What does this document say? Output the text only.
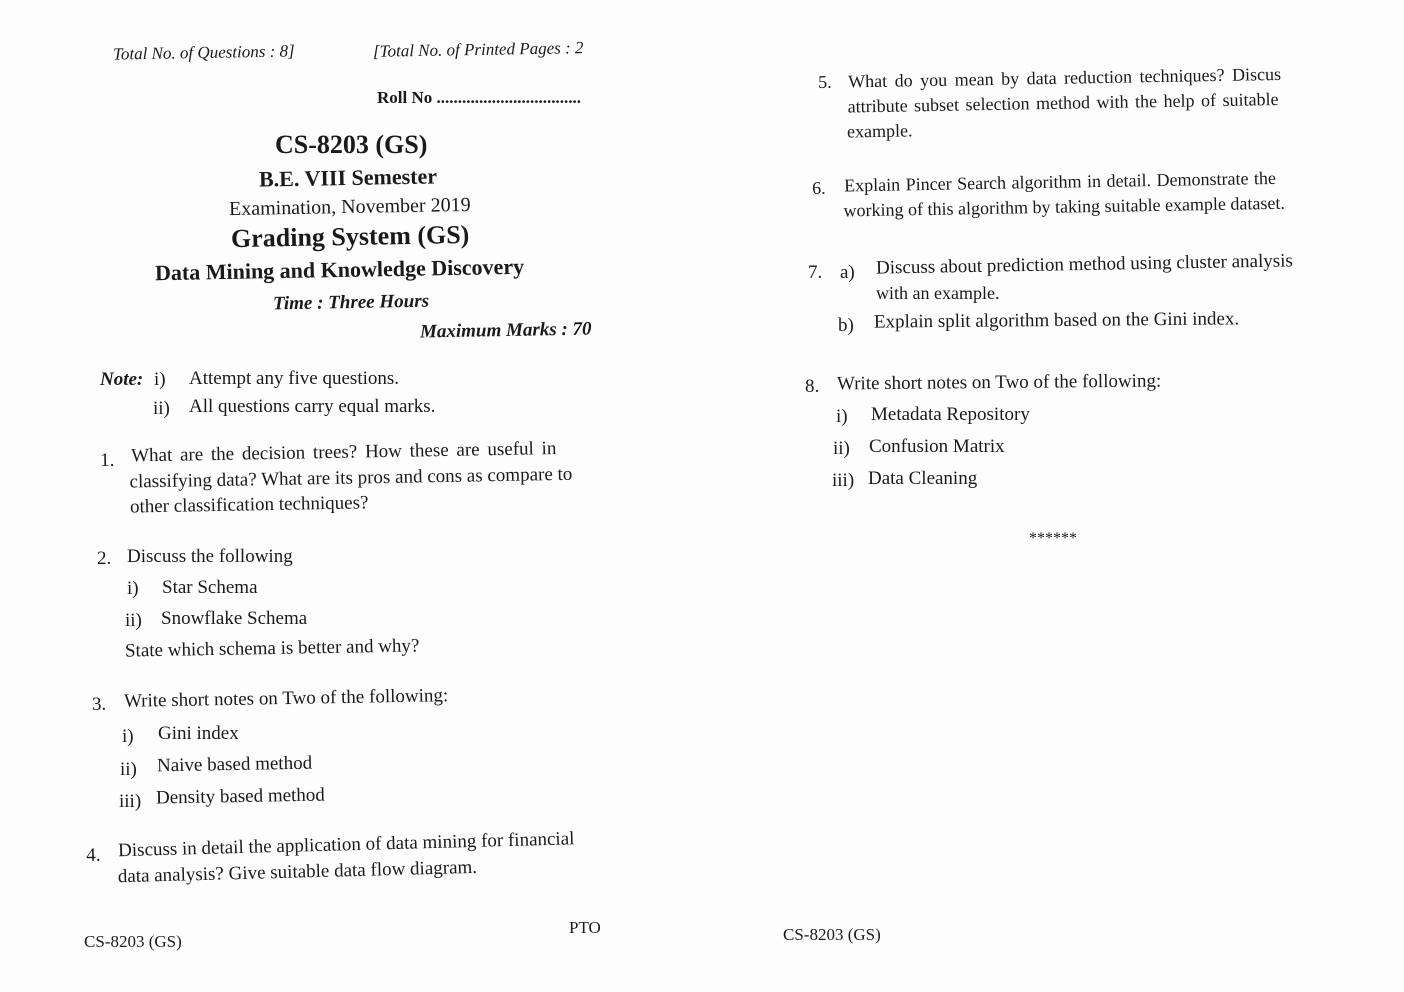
Total No. of Questions : 8]	[Total No. of Printed Pages : 2
Roll No ..................................
CS-8203 (GS)
B.E. VIII Semester
Examination, November 2019
Grading System (GS)
Data Mining and Knowledge Discovery
Time : Three Hours
Maximum Marks : 70
Note: i) Attempt any five questions.
ii) All questions carry equal marks.
1. What are the decision trees? How these are useful in
classifying data? What are its pros and cons as compare to
other classification techniques?
2. Discuss the following
i) Star Schema
ii) Snowflake Schema
State which schema is better and why?
3. Write short notes on Two of the following:
i) Gini index
ii) Naive based method
iii) Density based method
4. Discuss in detail the application of data mining for financial
data analysis? Give suitable data flow diagram.
PTO
CS-8203 (GS)
5. What do you mean by data reduction techniques? Discus
attribute subset selection method with the help of suitable
example.
6. Explain Pincer Search algorithm in detail. Demonstrate the
working of this algorithm by taking suitable example dataset.
7. a) Discuss about prediction method using cluster analysis
with an example.
b) Explain split algorithm based on the Gini index.
8. Write short notes on Two of the following:
i) Metadata Repository
ii) Confusion Matrix
iii) Data Cleaning
******
CS-8203 (GS)
